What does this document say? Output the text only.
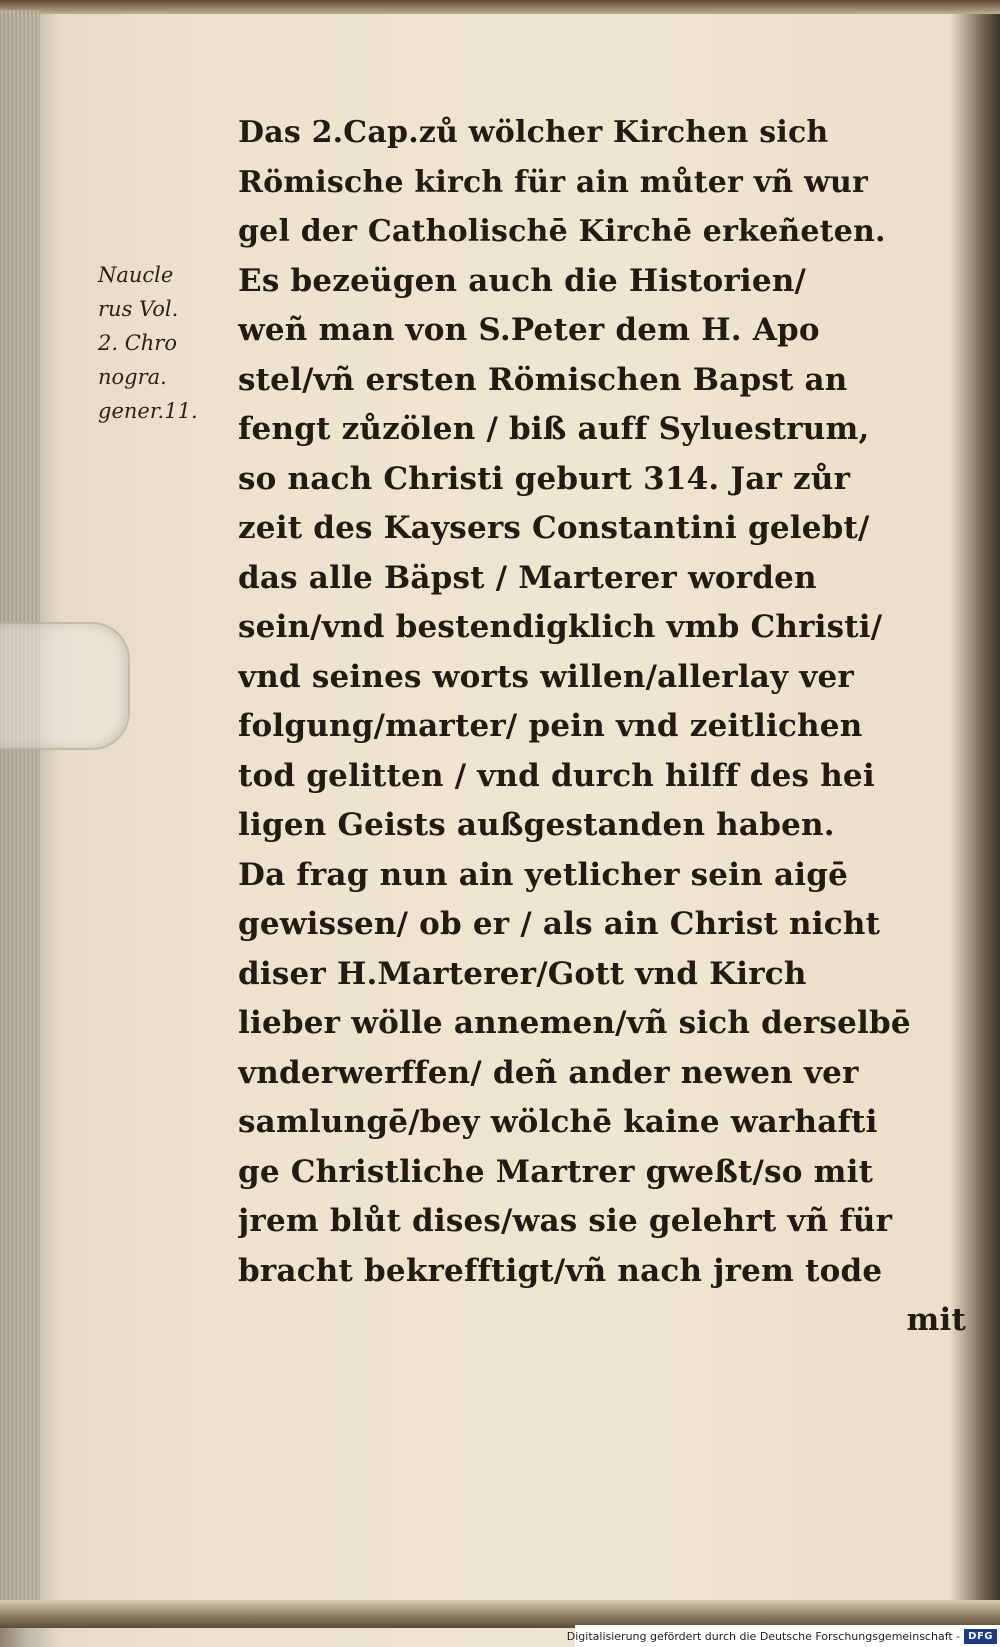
Naucle
rus Vol.
2. Chro
nogra.
gener.11.
Das 2.Cap.zů wölcher Kirchen sich
Römische kirch für ain můter vñ wur
gel der Catholischē Kirchē erkeñeten.
Es bezeügen auch die Historien/
weñ man von S.Peter dem H. Apo
stel/vñ ersten Römischen Bapst an
fengt zůzölen / biß auff Syluestrum,
so nach Christi geburt 314. Jar zůr
zeit des Kaysers Constantini gelebt/
das alle Bäpst / Marterer worden
sein/vnd bestendigklich vmb Christi/
vnd seines worts willen/allerlay ver
folgung/marter/ pein vnd zeitlichen
tod gelitten / vnd durch hilff des hei
ligen Geists außgestanden haben.
Da frag nun ain yetlicher sein aigē
gewissen/ ob er / als ain Christ nicht
diser H.Marterer/Gott vnd Kirch
lieber wölle annemen/vñ sich derselbē
vnderwerffen/ deñ ander newen ver
samlungē/bey wölchē kaine warhafti
ge Christliche Martrer gweßt/so mit
jrem blůt dises/was sie gelehrt vñ für
bracht bekrefftigt/vñ nach jrem tode
mit
Digitalisierung gefördert durch die Deutsche Forschungsgemeinschaft - DFG
